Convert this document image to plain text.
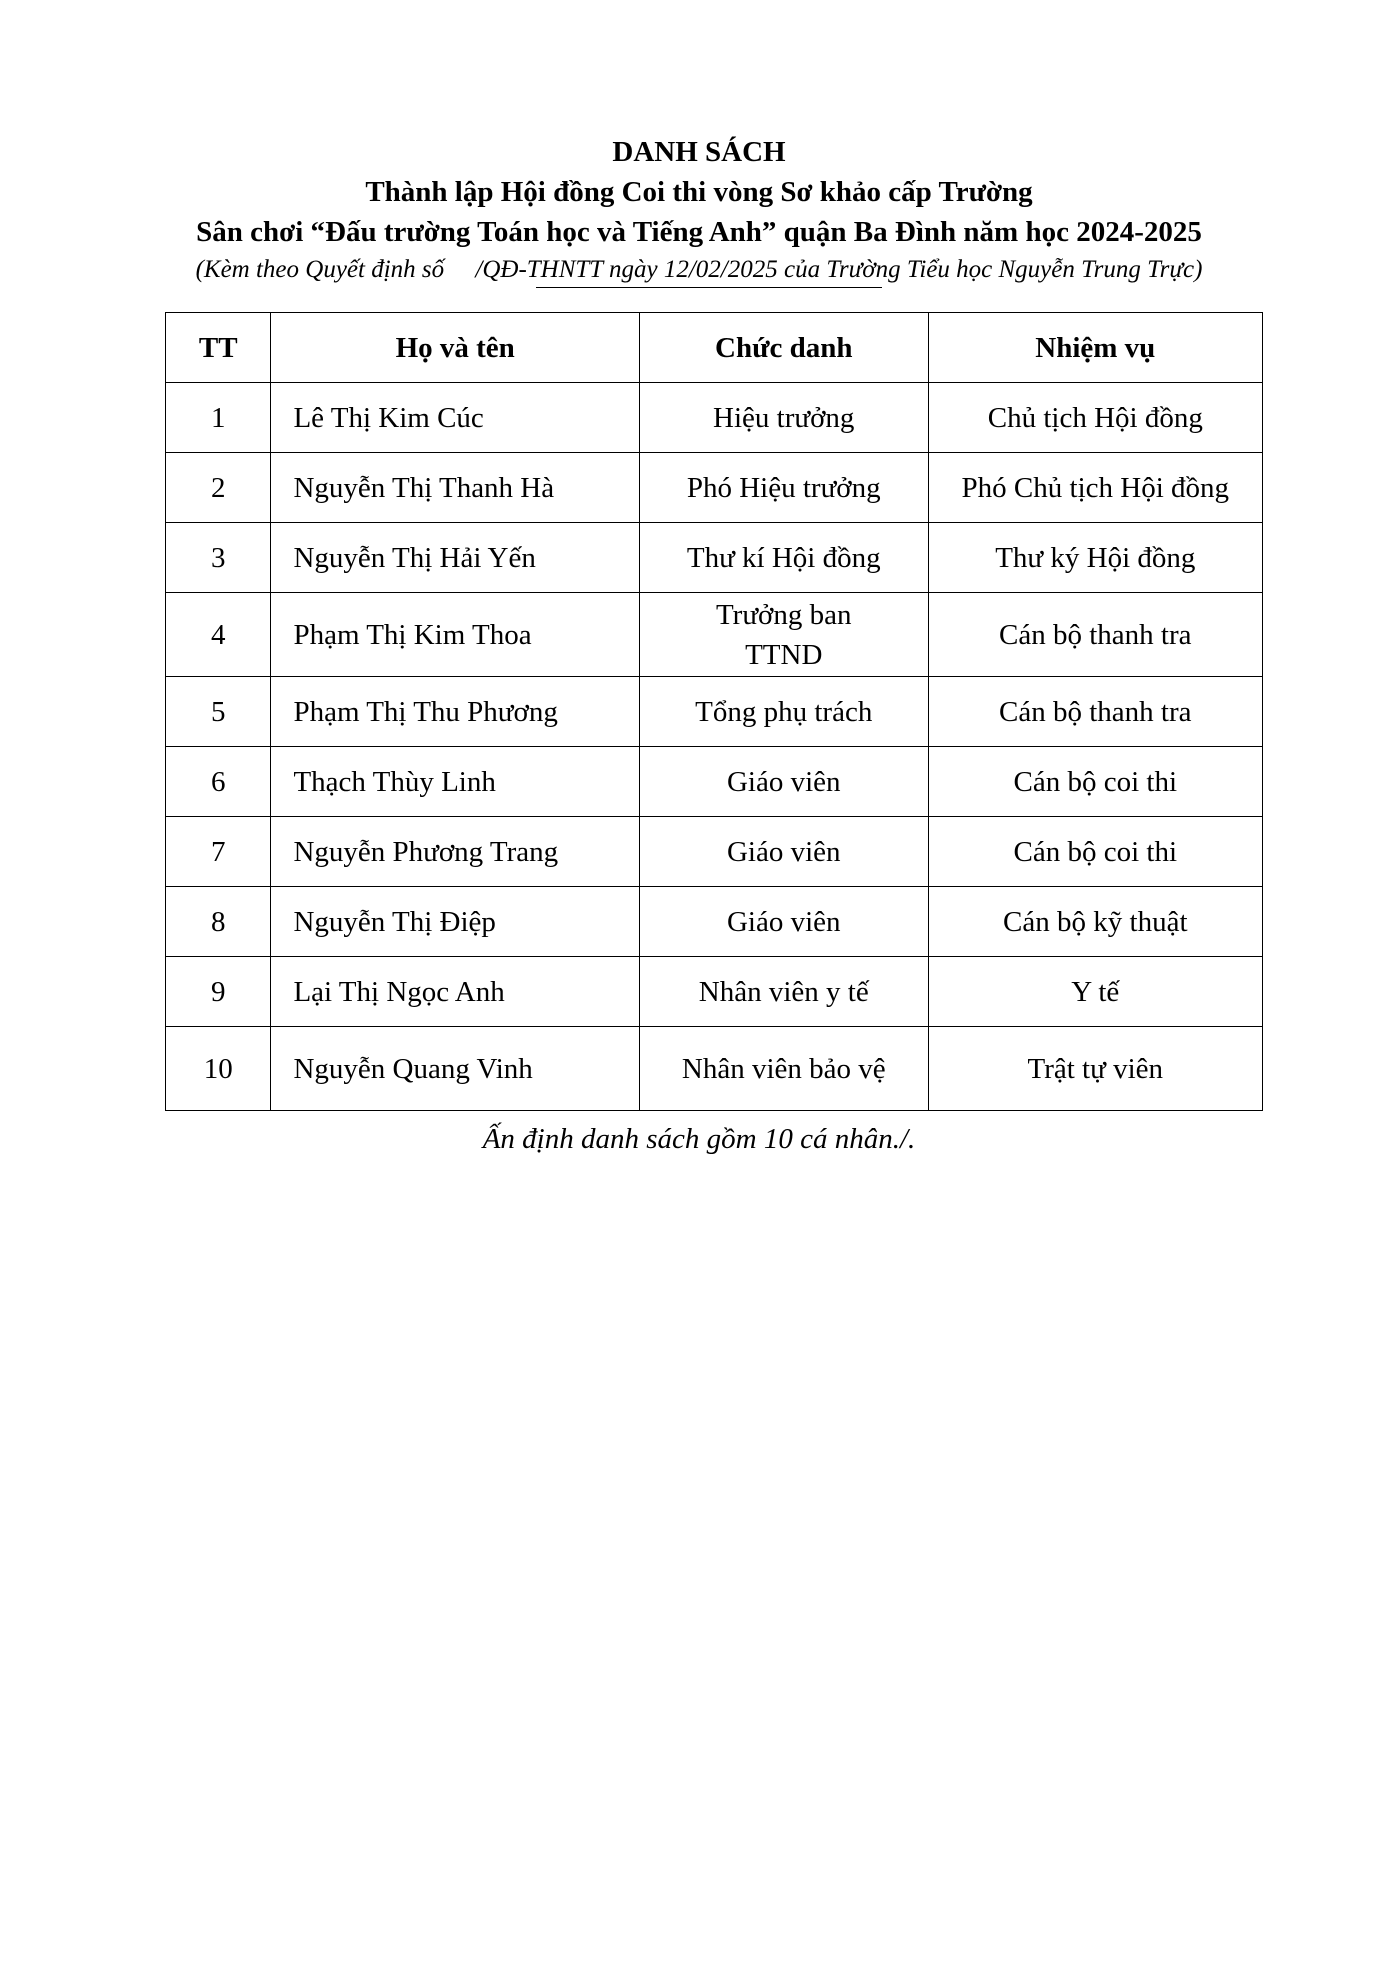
DANH SÁCH

Thành lập Hội đồng Coi thi vòng Sơ khảo cấp Trường

Sân chơi “Đấu trường Toán học và Tiếng Anh” quận Ba Đình năm học 2024-2025

(Kèm theo Quyết định số     /QĐ-THNTT ngày 12/02/2025 của Trường Tiểu học Nguyễn Trung Trực)

TT	Họ và tên	Chức danh	Nhiệm vụ
1	Lê Thị Kim Cúc	Hiệu trưởng	Chủ tịch Hội đồng
2	Nguyễn Thị Thanh Hà	Phó Hiệu trưởng	Phó Chủ tịch Hội đồng
3	Nguyễn Thị Hải Yến	Thư kí Hội đồng	Thư ký Hội đồng
4	Phạm Thị Kim Thoa	Trưởng ban TTND	Cán bộ thanh tra
5	Phạm Thị Thu Phương	Tổng phụ trách	Cán bộ thanh tra
6	Thạch Thùy Linh	Giáo viên	Cán bộ coi thi
7	Nguyễn Phương Trang	Giáo viên	Cán bộ coi thi
8	Nguyễn Thị Điệp	Giáo viên	Cán bộ kỹ thuật
9	Lại Thị Ngọc Anh	Nhân viên y tế	Y tế
10	Nguyễn Quang Vinh	Nhân viên bảo vệ	Trật tự viên
Ấn định danh sách gồm 10 cá nhân./.
